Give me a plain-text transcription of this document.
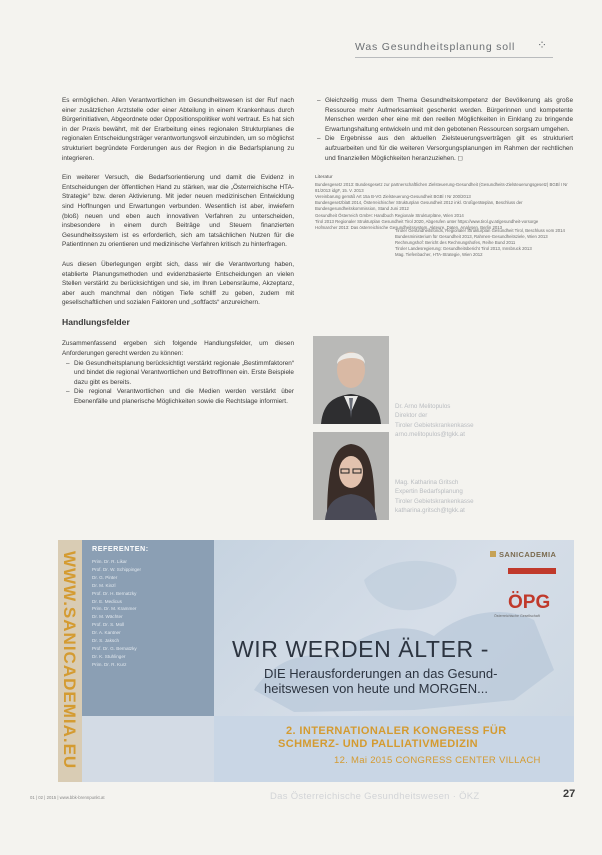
Was Gesundheitsplanung soll ⁘

Es ermöglichen. Allen Verantwortlichen im Gesundheitswesen ist der Ruf nach einer zusätzlichen Arztstelle oder einer Abteilung in einem Krankenhaus durch Bürgerinitiativen, Abgeordnete oder Oppositionspolitiker wohl vertraut. Es hat sich in der Praxis bewährt, mit der Erarbeitung eines regionalen Strukturplanes die regionalen Entscheidungsträger verantwortungsvoll einzubinden, um so möglichst strukturiert begründete Forderungen aus der Region in die Bedarfsplanung zu integrieren.

Ein weiterer Versuch, die Bedarfsorientierung und damit die Evidenz in Entscheidungen der öffentlichen Hand zu stärken, war die „Österreichische HTA-Strategie“ bzw. deren Aktivierung. Mit jeder neuen medizinischen Entwicklung sind Hoffnungen und Erwartungen verbunden. Wesentlich ist aber, inwiefern (bloß) neuen und eben auch innovativen Verfahren zu unterscheiden, insbesondere in einem durch Beiträge und Steuern finanzierten Gesundheitssystem ist es erforderlich, sich am tatsächlichen Nutzen für die PatientInnen zu orientieren und medizinische Verfahren kritisch zu hinterfragen.

Aus diesen Überlegungen ergibt sich, dass wir die Verantwortung haben, etablierte Planungsmethoden und evidenzbasierte Entscheidungen an vielen Stellen verstärkt zu berücksichtigen und sie, im Ihren Lebensräume, Akzeptanz, aber auch manchmal den nötigen Tiefe schliff zu geben, zudem mit gesellschaftlichen und sozialen Faktoren und „softfacts“ anzureichern.

Handlungsfelder

Zusammenfassend ergeben sich folgende Handlungsfelder, um diesen Anforderungen gerecht werden zu können:

– Die Gesundheitsplanung berücksichtigt verstärkt regionale „Bestimmfaktoren“ und bindet die regional Verantwortlichen und BetroffInnen ein. Erste Beispiele dazu gibt es bereits.
– Die regional Verantwortlichen und die Medien werden verstärkt über Ebenenfälle und planerische Möglichkeiten sowie die Rechtslage informiert.
– Gleichzeitig muss dem Thema Gesundheitskompetenz der Bevölkerung als große Ressource mehr Aufmerksamkeit geschenkt werden. Bürgerinnen und kompetente Menschen werden eher eine mit den reellen Möglichkeiten in Einklang zu bringende Erwartungshaltung entwickeln und mit den gebotenen Ressourcen sorgsam umgehen.
– Die Ergebnisse aus den aktuellen Zielsteuerungsverträgen gilt es strukturiert aufzuarbeiten und für die weiteren Versorgungsplanungen im Rahmen der rechtlichen und finanziellen Möglichkeiten heranzuziehen. ◻
Literatur
Bundesgesetz 2013: Bundesgesetz zur partnerschaftlichen Zielsteuerung-Gesundheit (Gesundheits-Zielsteuerungsgesetz) BGBl I Nr 81/2013 idgF, 15. V. 2013
Vereinbarung gemäß Art 15a B-VG Zielsteuerung-Gesundheit BGBl I Nr 200/2013
Bundesgesetzblatt 2014, Österreichischer Strukturplan Gesundheit 2012 inkl. Großgeräteplan, Beschluss der Bundesgesundheitskommission, Stand Juni 2012
Gesundheit Österreich GmbH: Handbuch Regionale Strukturpläne, Wien 2014
Tirol 2013 Regionaler Strukturplan Gesundheit Tirol 2020, Abgerufen unter https://www.tirol.gv.at/gesundheit-vorsorge
Hofmarcher 2013: Das österreichische Gesundheitssystem. Akteure, Daten, Analysen. Berlin 2013
Tiroler Gesundheitsfonds, Regionaler Strukturplan Gesundheit Tirol, Beschluss vom 2014
Bundesministerium für Gesundheit 2013, Rahmen-Gesundheitsziele, Wien 2013
Rechnungshof: Bericht des Rechnungshofes, Reihe Bund 2011
Tiroler Landesregierung: Gesundheitsbericht Tirol 2013, Innsbruck 2013
Mag. Tiefenbacher, HTA-Strategie, Wien 2012
Dr. Arno Melitopulos
Direktor der
Tiroler Gebietskrankenkasse
arno.melitopulos@tgkk.at
Mag. Katharina Gritsch
Expertin Bedarfsplanung
Tiroler Gebietskrankenkasse
katharina.gritsch@tgkk.at
WWW.SANICADEMIA.EU
REFERENTEN:
Prim. Dr. R. Likar
Prof. Dr. W. Schippinger
Dr. G. Pinter
Dr. M. Kinzl
Prof. Dr. H. Bernatzky
Dr. E. Medicus
Prim. Dr. M. Krammer
Dr. M. Wächter
Prof. Dr. S. Moll
Dr. A. Kantner
Dr. S. Jaksch
Prof. Dr. G. Bernatzky
Dr. K. Stuhlinger
Prim. Dr. R. Kurz
SANICADEMIA
ÖPG
Österreichische Gesellschaft
WIR WERDEN ÄLTER -
DIE Herausforderungen an das Gesund-
heitswesen von heute und MORGEN...
2. INTERNATIONALER KONGRESS FÜR
SCHMERZ- UND PALLIATIVMEDIZIN
12. Mai 2015 CONGRESS CENTER VILLACH
01 | 02 | 2015 | www.bbk-brennpunkt.at	Das Österreichische Gesundheitswesen · ÖKZ	27
